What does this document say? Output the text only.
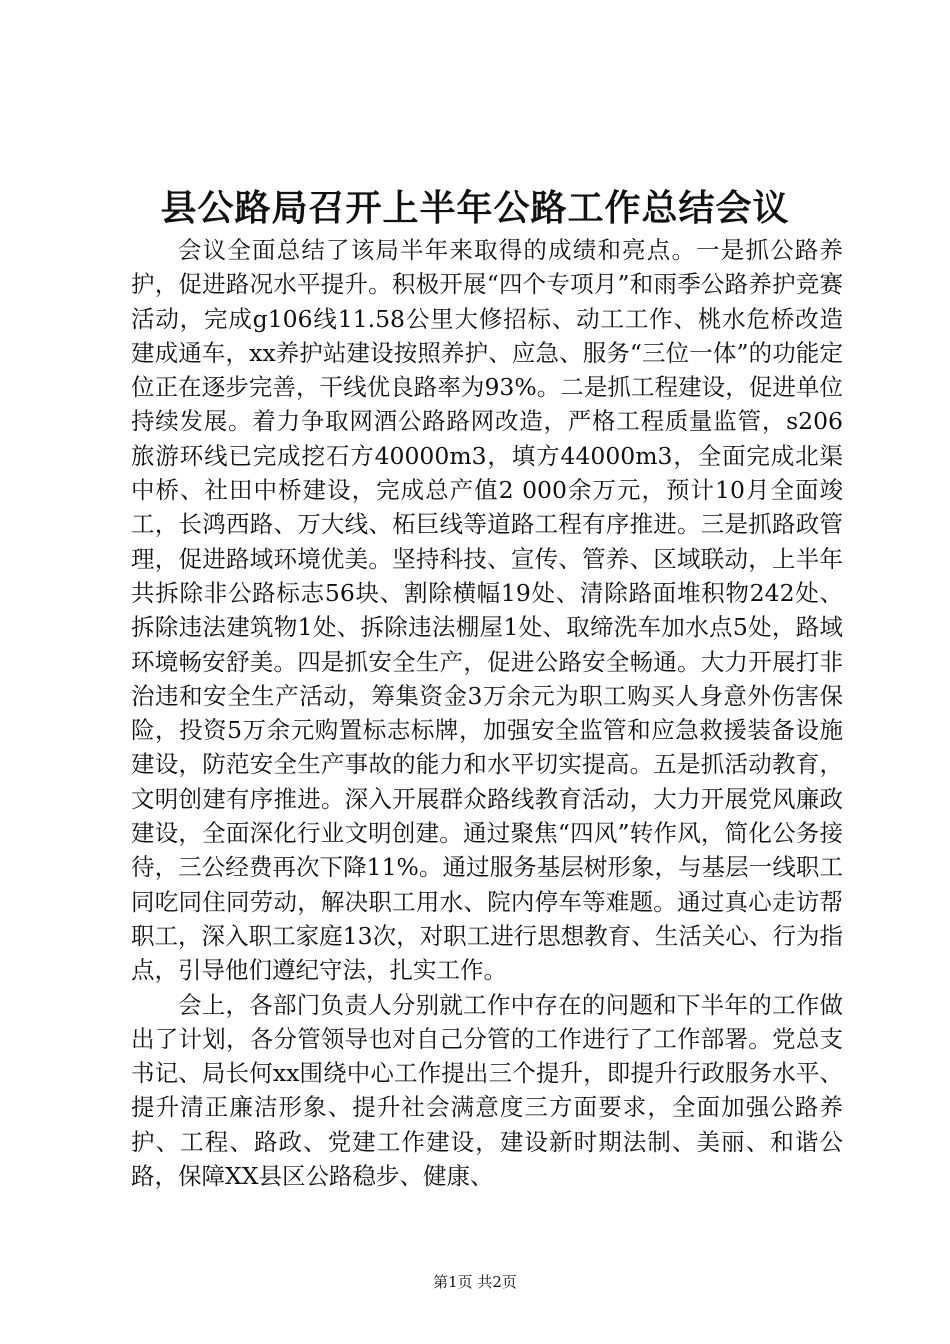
县公路局召开上半年公路工作总结会议

会议全面总结了该局半年来取得的成绩和亮点。一是抓公路养护，促进路况水平提升。积极开展“四个专项月”和雨季公路养护竞赛活动，完成g106线11.58公里大修招标、动工工作、桃水危桥改造建成通车，xx养护站建设按照养护、应急、服务“三位一体”的功能定位正在逐步完善，干线优良路率为93%。二是抓工程建设，促进单位持续发展。着力争取网酒公路路网改造，严格工程质量监管，s206旅游环线已完成挖石方40000m3，填方44000m3，全面完成北渠中桥、社田中桥建设，完成总产值2 000余万元，预计10月全面竣工，长鸿西路、万大线、柘巨线等道路工程有序推进。三是抓路政管理，促进路域环境优美。坚持科技、宣传、管养、区域联动，上半年共拆除非公路标志56块、割除横幅19处、清除路面堆积物242处、拆除违法建筑物1处、拆除违法棚屋1处、取缔洗车加水点5处，路域环境畅安舒美。四是抓安全生产，促进公路安全畅通。大力开展打非治违和安全生产活动，筹集资金3万余元为职工购买人身意外伤害保险，投资5万余元购置标志标牌，加强安全监管和应急救援装备设施建设，防范安全生产事故的能力和水平切实提高。五是抓活动教育，文明创建有序推进。深入开展群众路线教育活动，大力开展党风廉政建设，全面深化行业文明创建。通过聚焦“四风”转作风，简化公务接待，三公经费再次下降11%。通过服务基层树形象，与基层一线职工同吃同住同劳动，解决职工用水、院内停车等难题。通过真心走访帮职工，深入职工家庭13次，对职工进行思想教育、生活关心、行为指点，引导他们遵纪守法，扎实工作。

会上，各部门负责人分别就工作中存在的问题和下半年的工作做出了计划，各分管领导也对自己分管的工作进行了工作部署。党总支书记、局长何xx围绕中心工作提出三个提升，即提升行政服务水平、提升清正廉洁形象、提升社会满意度三方面要求，全面加强公路养护、工程、路政、党建工作建设，建设新时期法制、美丽、和谐公路，保障XX县区公路稳步、健康、

第1页 共2页
